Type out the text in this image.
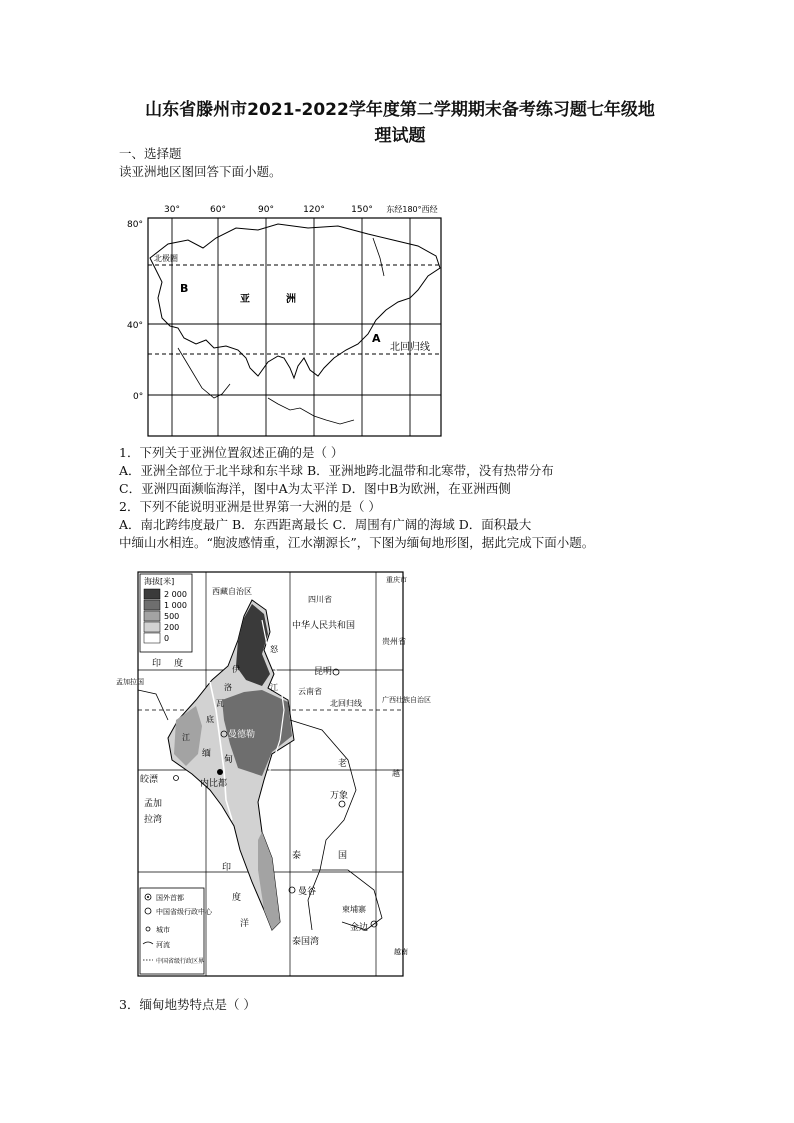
山东省滕州市2021-2022学年度第二学期期末备考练习题七年级地
理试题
一、选择题
读亚洲地区图回答下面小题。
30°	60°	90°	120°	150° 东经180°西经
80°
40°
0°
北极圈
北回归线
B
A
亚	洲
1．下列关于亚洲位置叙述正确的是（ ）
A．亚洲全部位于北半球和东半球 B．亚洲地跨北温带和北寒带，没有热带分布
C．亚洲四面濒临海洋，图中A为太平洋 D．图中B为欧洲，在亚洲西侧
2．下列不能说明亚洲是世界第一大洲的是（ ）
A．南北跨纬度最广 B．东西距离最长 C．周围有广阔的海域 D．面积最大
中缅山水相连。“胞波感情重，江水潮源长”，下图为缅甸地形图，据此完成下面小题。
海拔[米]
2 000
1 000
500
200
0
西藏自治区
四川省
中华人民共和国
重庆市
贵州省
昆明
云南省
广西壮族自治区
北回归线
孟加拉国
印 度
缅
甸
曼德勒
内比都
皎漂
孟加
拉湾
老
万象
越
泰	国
曼谷
柬埔寨
金边
泰国湾
印
度
洋
越南
怒
江
伊
洛
瓦
底
江
国外首都
中国省级行政中心
城市
河流
中国省级行政区界
3．缅甸地势特点是（ ）
